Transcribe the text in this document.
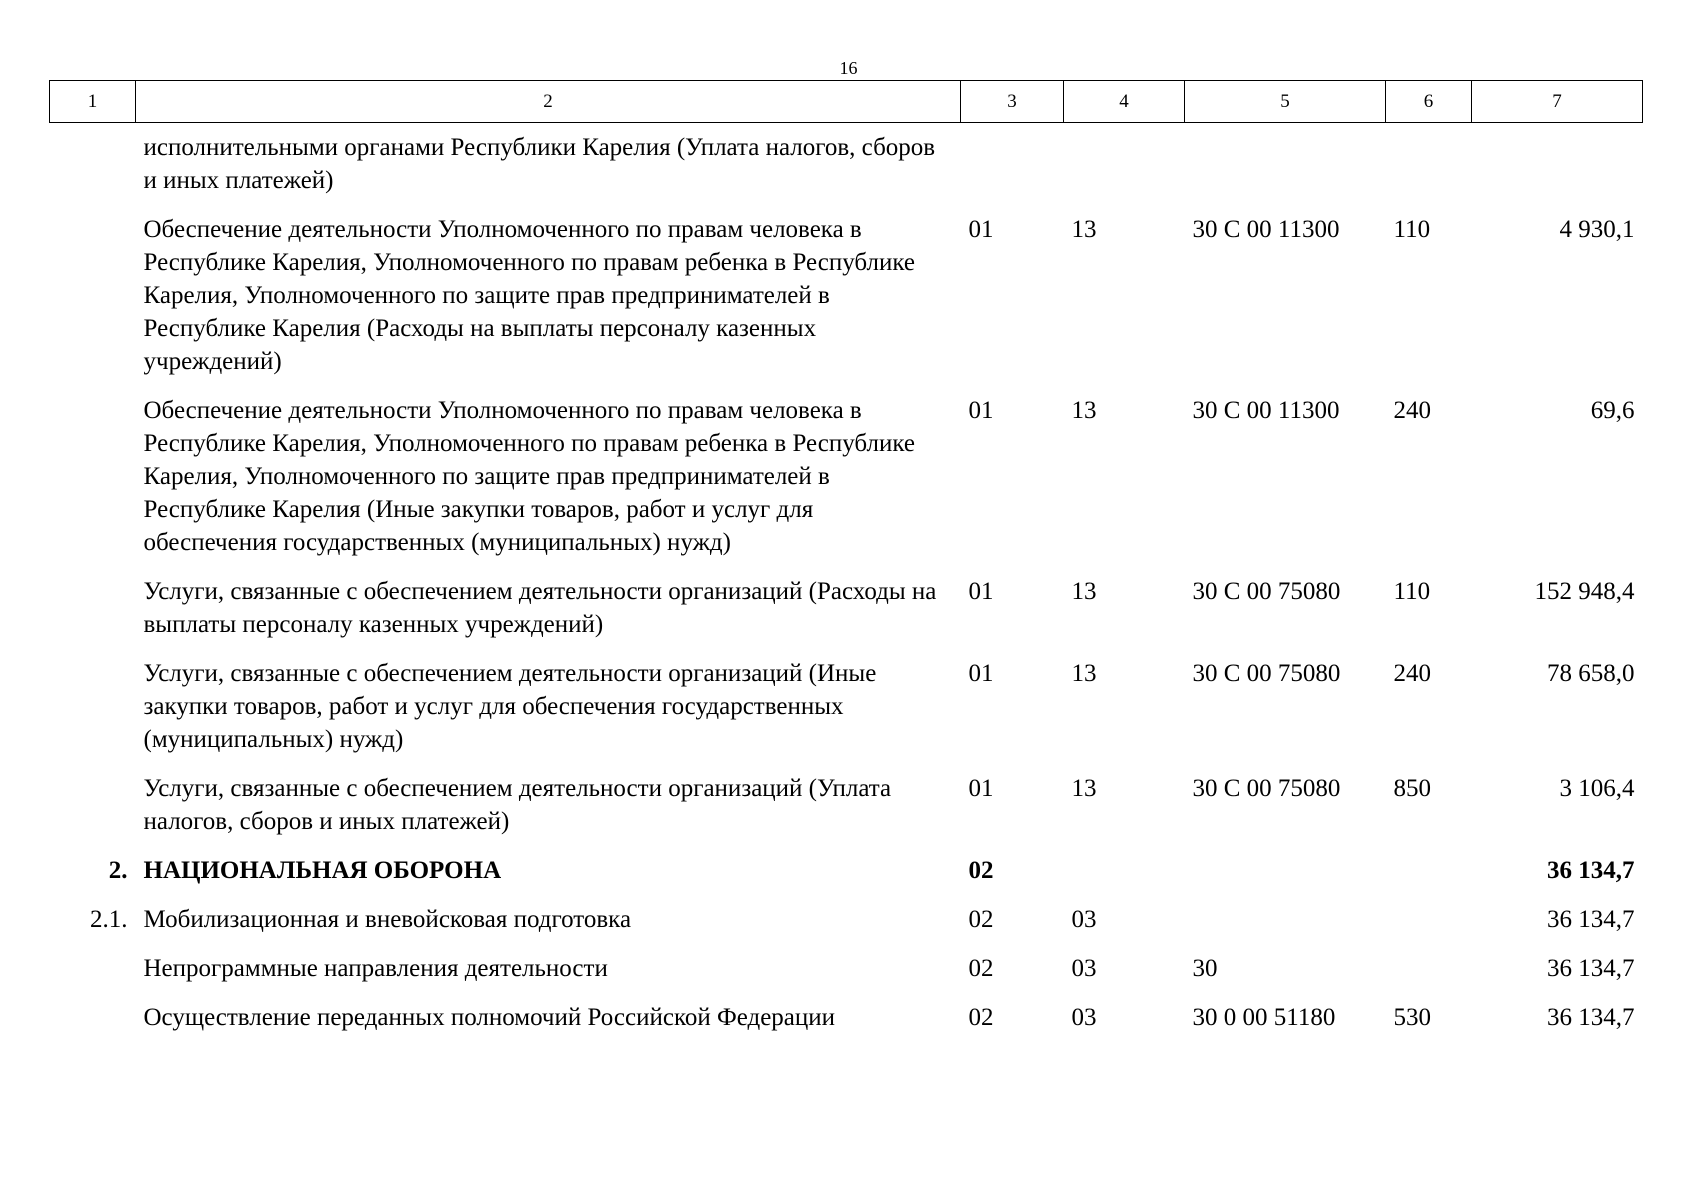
16
1	2	3	4	5	6	7
	исполнительными органами Республики Карелия (Уплата налогов, сборов и иных платежей)					
	Обеспечение деятельности Уполномоченного по правам человека в Республике Карелия, Уполномоченного по правам ребенка в Республике Карелия, Уполномоченного по защите прав предпринимателей в Республике Карелия (Расходы на выплаты персоналу казенных учреждений)	01	13	30 С 00 11300	110	4 930,1
	Обеспечение деятельности Уполномоченного по правам человека в Республике Карелия, Уполномоченного по правам ребенка в Республике Карелия, Уполномоченного по защите прав предпринимателей в Республике Карелия (Иные закупки товаров, работ и услуг для обеспечения государственных (муниципальных) нужд)	01	13	30 С 00 11300	240	69,6
	Услуги, связанные с обеспечением деятельности организаций (Расходы на выплаты персоналу казенных учреждений)	01	13	30 С 00 75080	110	152 948,4
	Услуги, связанные с обеспечением деятельности организаций (Иные закупки товаров, работ и услуг для обеспечения государственных (муниципальных) нужд)	01	13	30 С 00 75080	240	78 658,0
	Услуги, связанные с обеспечением деятельности организаций (Уплата налогов, сборов и иных платежей)	01	13	30 С 00 75080	850	3 106,4
2.	НАЦИОНАЛЬНАЯ ОБОРОНА	02				36 134,7
2.1.	Мобилизационная и вневойсковая подготовка	02	03			36 134,7
	Непрограммные направления деятельности	02	03	30		36 134,7
	Осуществление переданных полномочий Российской Федерации	02	03	30 0 00 51180	530	36 134,7
